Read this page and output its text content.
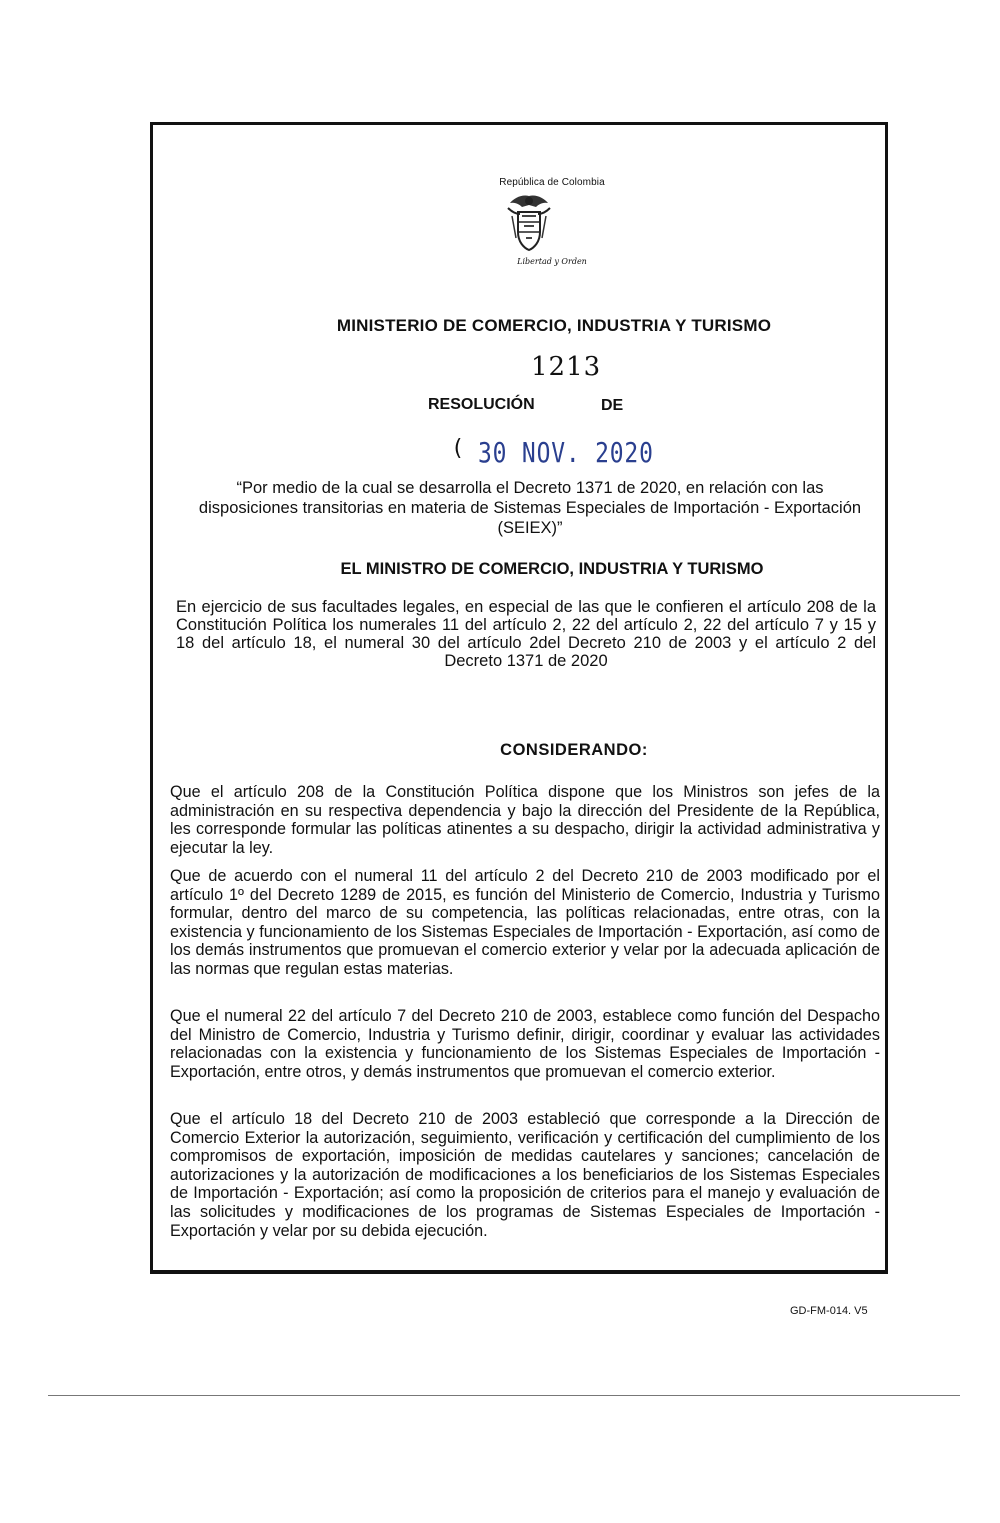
República de Colombia
Libertad y Orden
MINISTERIO DE COMERCIO, INDUSTRIA Y TURISMO
1213
RESOLUCIÓN	DE
( 30 NOV. 2020
“Por medio de la cual se desarrolla el Decreto 1371 de 2020, en relación con las disposiciones transitorias en materia de Sistemas Especiales de Importación - Exportación (SEIEX)”
EL MINISTRO DE COMERCIO, INDUSTRIA Y TURISMO
En ejercicio de sus facultades legales, en especial de las que le confieren el artículo 208 de la Constitución Política los numerales 11 del artículo 2, 22 del artículo 2, 22 del artículo 7 y 15 y 18 del artículo 18, el numeral 30 del artículo 2del Decreto 210 de 2003 y el artículo 2 del Decreto 1371 de 2020
CONSIDERANDO:
Que el artículo 208 de la Constitución Política dispone que los Ministros son jefes de la administración en su respectiva dependencia y bajo la dirección del Presidente de la República, les corresponde formular las políticas atinentes a su despacho, dirigir la actividad administrativa y ejecutar la ley.
Que de acuerdo con el numeral 11 del artículo 2 del Decreto 210 de 2003 modificado por el artículo 1º del Decreto 1289 de 2015, es función del Ministerio de Comercio, Industria y Turismo formular, dentro del marco de su competencia, las políticas relacionadas, entre otras, con la existencia y funcionamiento de los Sistemas Especiales de Importación - Exportación, así como de los demás instrumentos que promuevan el comercio exterior y velar por la adecuada aplicación de las normas que regulan estas materias.
Que el numeral 22 del artículo 7 del Decreto 210 de 2003, establece como función del Despacho del Ministro de Comercio, Industria y Turismo definir, dirigir, coordinar y evaluar las actividades relacionadas con la existencia y funcionamiento de los Sistemas Especiales de Importación - Exportación, entre otros, y demás instrumentos que promuevan el comercio exterior.
Que el artículo 18 del Decreto 210 de 2003 estableció que corresponde a la Dirección de Comercio Exterior la autorización, seguimiento, verificación y certificación del cumplimiento de los compromisos de exportación, imposición de medidas cautelares y sanciones; cancelación de autorizaciones y la autorización de modificaciones a los beneficiarios de los Sistemas Especiales de Importación - Exportación; así como la proposición de criterios para el manejo y evaluación de las solicitudes y modificaciones de los programas de Sistemas Especiales de Importación - Exportación y velar por su debida ejecución.
GD-FM-014. V5
